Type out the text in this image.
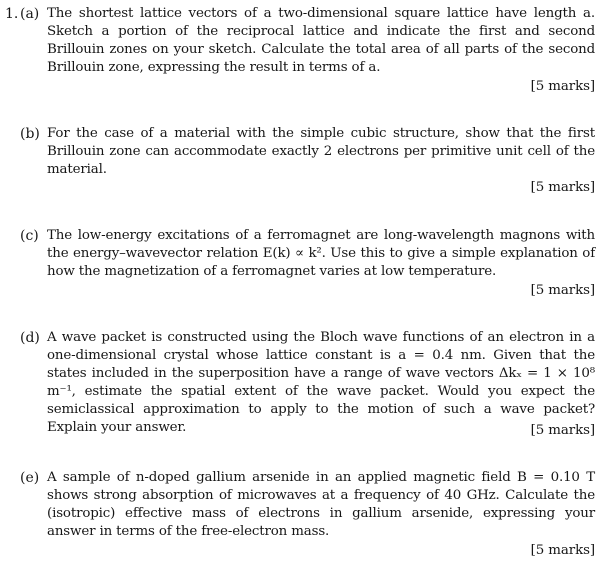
1. (a) The shortest lattice vectors of a two-dimensional square lattice have length a. Sketch a portion of the reciprocal lattice and indicate the first and second Brillouin zones on your sketch. Calculate the total area of all parts of the second Brillouin zone, expressing the result in terms of a.
[5 marks]
(b) For the case of a material with the simple cubic structure, show that the first Brillouin zone can accommodate exactly 2 electrons per primitive unit cell of the material.
[5 marks]
(c) The low-energy excitations of a ferromagnet are long-wavelength magnons with the energy–wavevector relation E(k) ∝ k². Use this to give a simple explanation of how the magnetization of a ferromagnet varies at low temperature.
[5 marks]
(d) A wave packet is constructed using the Bloch wave functions of an electron in a one-dimensional crystal whose lattice constant is a = 0.4 nm. Given that the states included in the superposition have a range of wave vectors Δkₓ = 1 × 10⁸ m⁻¹, estimate the spatial extent of the wave packet. Would you expect the semiclassical approximation to apply to the motion of such a wave packet? Explain your answer.	[5 marks]
(e) A sample of n-doped gallium arsenide in an applied magnetic field B = 0.10 T shows strong absorption of microwaves at a frequency of 40 GHz. Calculate the (isotropic) effective mass of electrons in gallium arsenide, expressing your answer in terms of the free-electron mass.
[5 marks]
